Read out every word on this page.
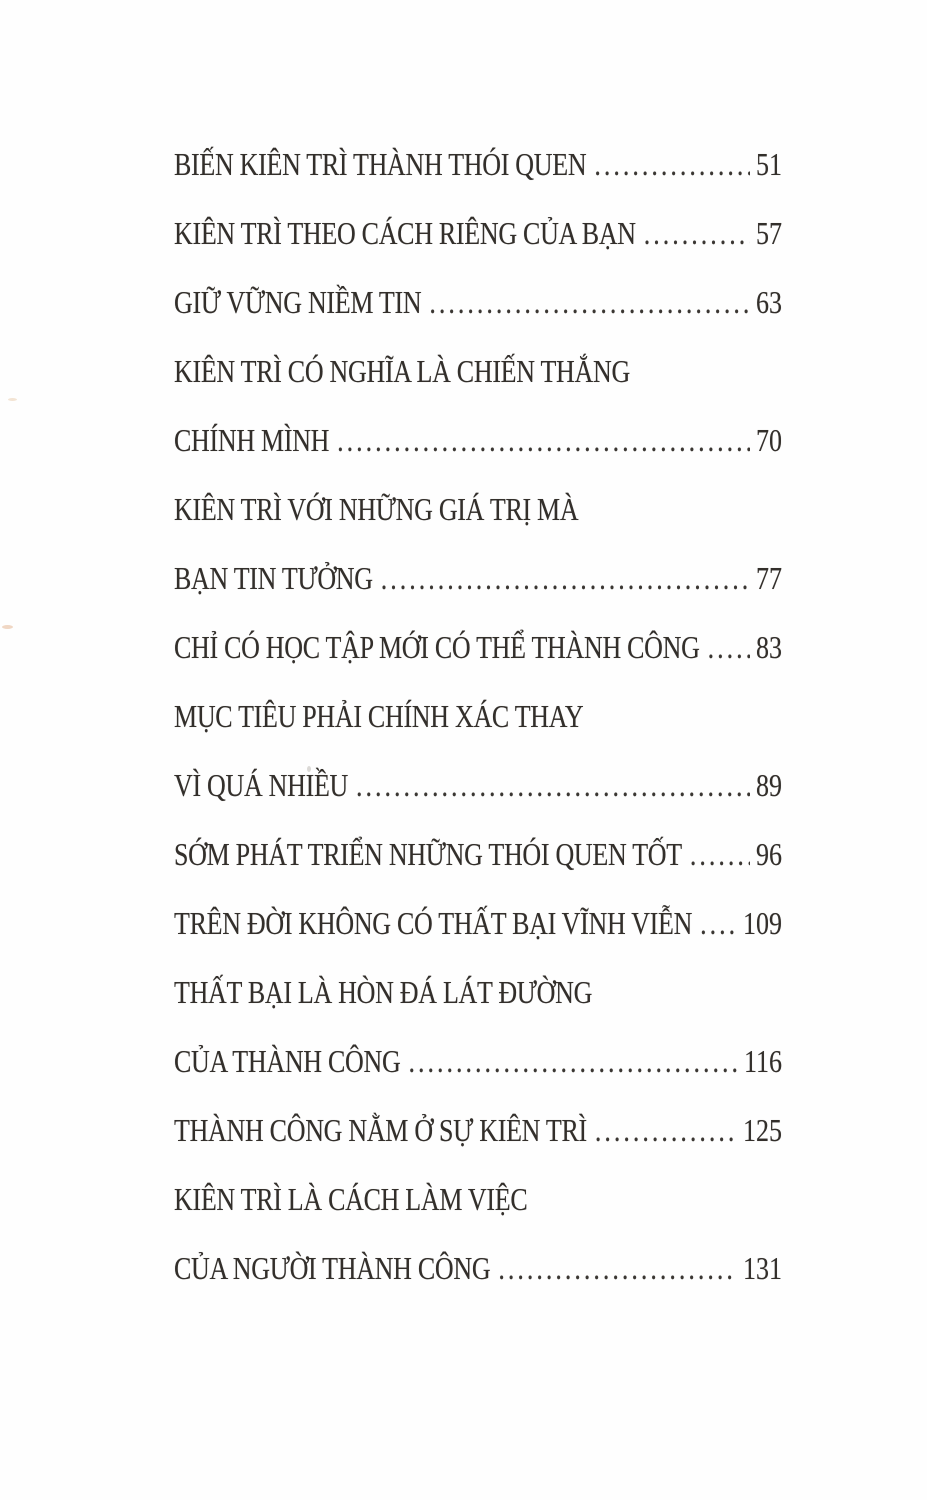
BIẾN KIÊN TRÌ THÀNH THÓI QUEN .....	51
KIÊN TRÌ THEO CÁCH RIÊNG CỦA BẠN .....	57
GIỮ VỮNG NIỀM TIN .....	63
KIÊN TRÌ CÓ NGHĨA LÀ CHIẾN THẮNG
CHÍNH MÌNH .....	70
KIÊN TRÌ VỚI NHỮNG GIÁ TRỊ MÀ
BẠN TIN TƯỞNG .....	77
CHỈ CÓ HỌC TẬP MỚI CÓ THỂ THÀNH CÔNG ..... 83
MỤC TIÊU PHẢI CHÍNH XÁC THAY
VÌ QUÁ NHIỀU .....	89
SỚM PHÁT TRIỂN NHỮNG THÓI QUEN TỐT .....	96
TRÊN ĐỜI KHÔNG CÓ THẤT BẠI VĨNH VIỄN ..... 109
THẤT BẠI LÀ HÒN ĐÁ LÁT ĐƯỜNG
CỦA THÀNH CÔNG .....	116
THÀNH CÔNG NẰM Ở SỰ KIÊN TRÌ .....	125
KIÊN TRÌ LÀ CÁCH LÀM VIỆC
CỦA NGƯỜI THÀNH CÔNG .....	131
